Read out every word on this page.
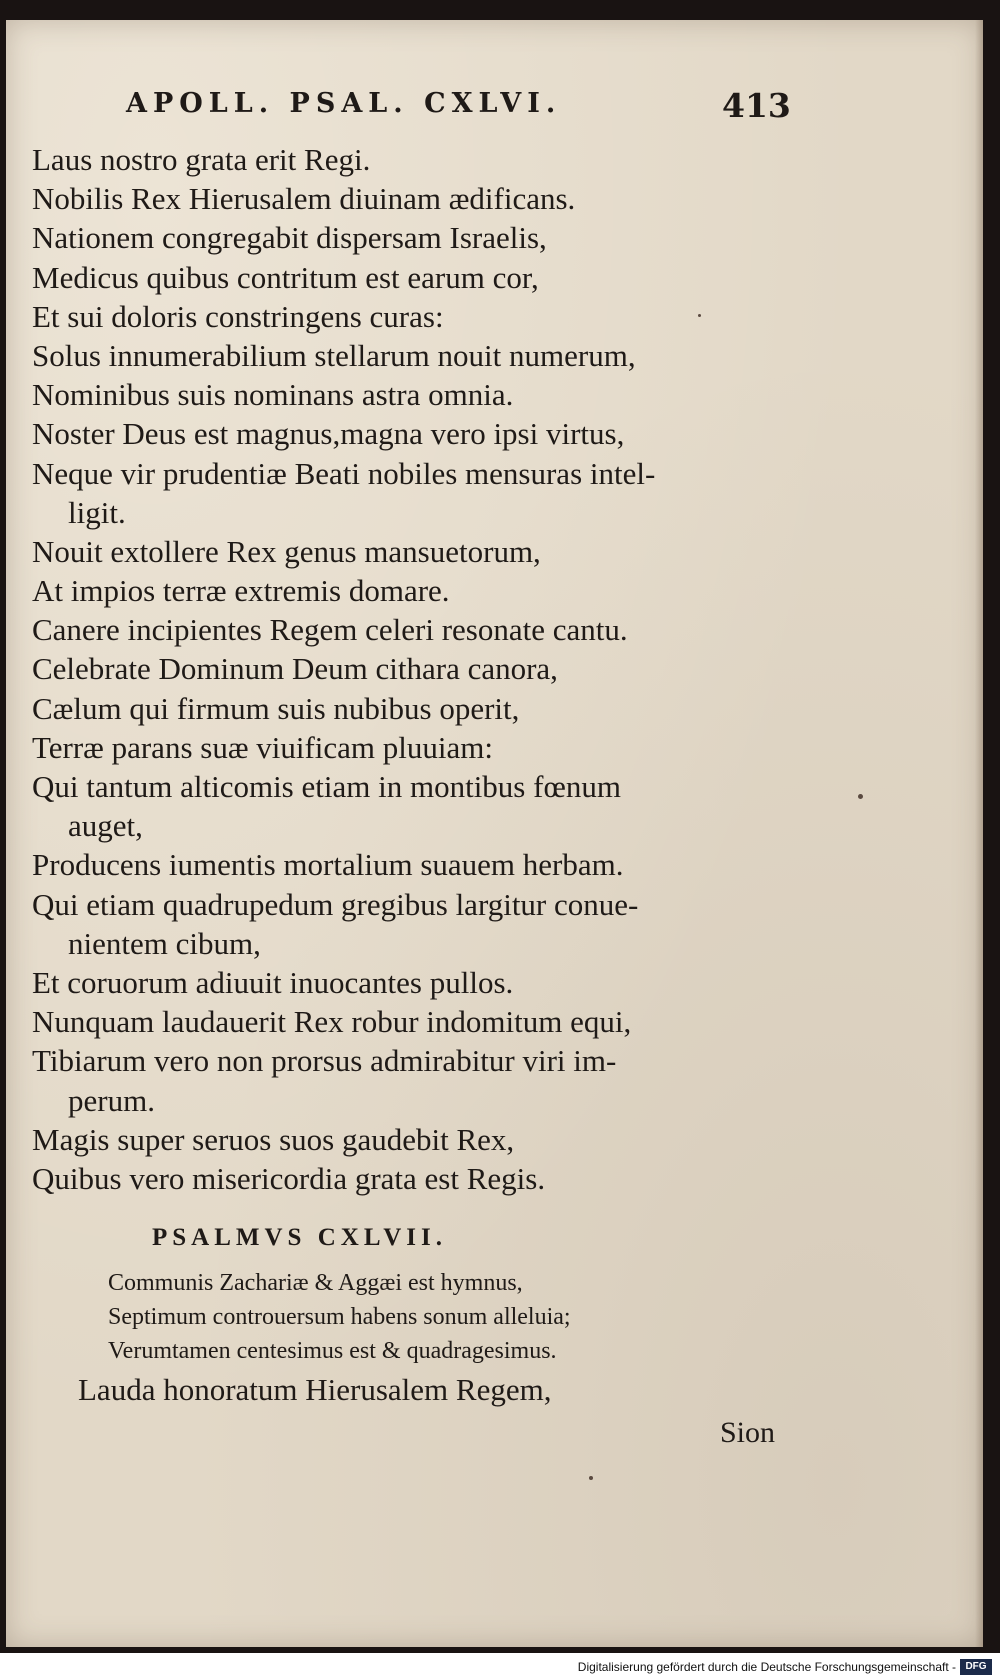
APOLL. PSAL. CXLVI.	413
Laus nostro grata erit Regi.
Nobilis Rex Hierusalem diuinam ædificans.
Nationem congregabit dispersam Israelis,
Medicus quibus contritum est earum cor,
Et sui doloris constringens curas:
Solus innumerabilium stellarum nouit numerum,
Nominibus suis nominans astra omnia.
Noster Deus est magnus,magna vero ipsi virtus,
Neque vir prudentiæ Beati nobiles mensuras intel-
ligit.
Nouit extollere Rex genus mansuetorum,
At impios terræ extremis domare.
Canere incipientes Regem celeri resonate cantu.
Celebrate Dominum Deum cithara canora,
Cælum qui firmum suis nubibus operit,
Terræ parans suæ viuificam pluuiam:
Qui tantum alticomis etiam in montibus fœnum
auget,
Producens iumentis mortalium suauem herbam.
Qui etiam quadrupedum gregibus largitur conue-
nientem cibum,
Et coruorum adiuuit inuocantes pullos.
Nunquam laudauerit Rex robur indomitum equi,
Tibiarum vero non prorsus admirabitur viri im-
perum.
Magis super seruos suos gaudebit Rex,
Quibus vero misericordia grata est Regis.
PSALMVS CXLVII.
Communis Zachariæ & Aggæi est hymnus,
Septimum controuersum habens sonum alleluia;
Verumtamen centesimus est & quadragesimus.
Lauda honoratum Hierusalem Regem,
Sion
Digitalisierung gefördert durch die Deutsche Forschungsgemeinschaft - DFG
